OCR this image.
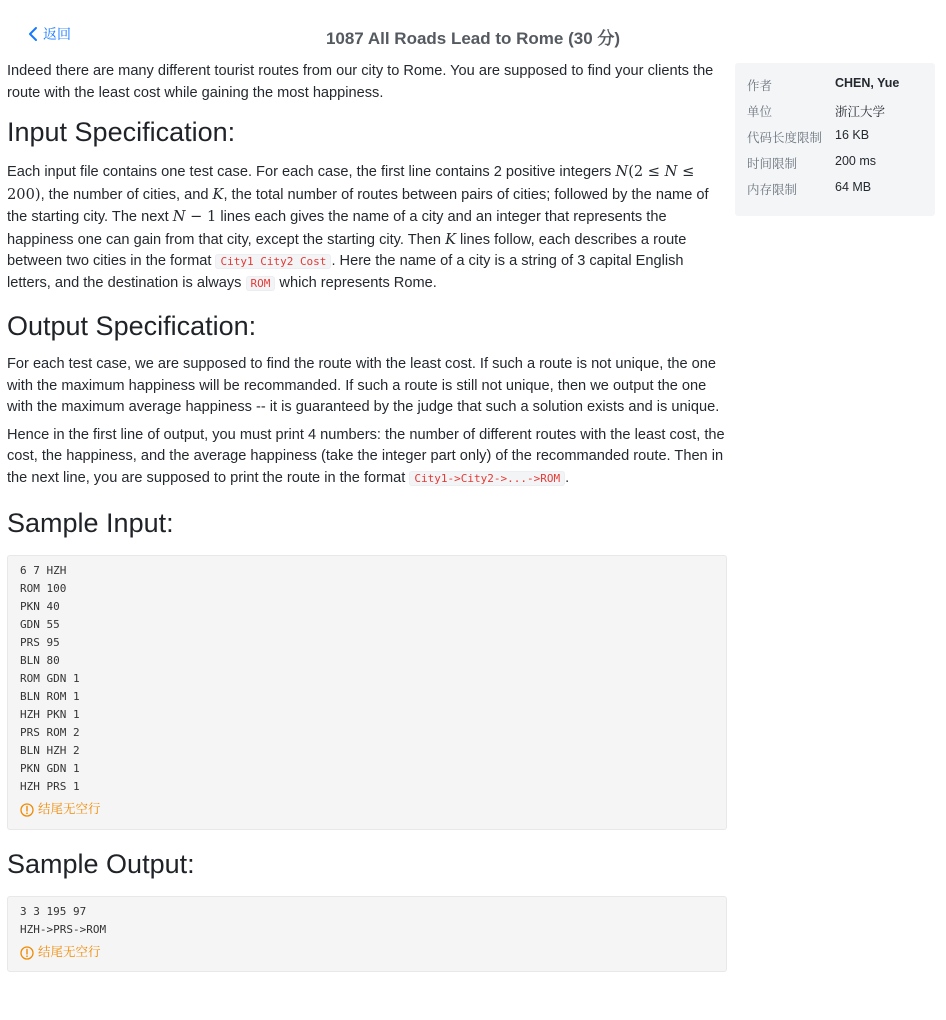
返回	1087 All Roads Lead to Rome (30 分)

Indeed there are many different tourist routes from our city to Rome. You are supposed to find your clients the route with the least cost while gaining the most happiness.

Input Specification:

Each input file contains one test case. For each case, the first line contains 2 positive integers N(2 ≤ N ≤ 200), the number of cities, and K, the total number of routes between pairs of cities; followed by the name of the starting city. The next N − 1 lines each gives the name of a city and an integer that represents the happiness one can gain from that city, except the starting city. Then K lines follow, each describes a route between two cities in the format City1 City2 Cost . Here the name of a city is a string of 3 capital English letters, and the destination is always ROM which represents Rome.

Output Specification:

For each test case, we are supposed to find the route with the least cost. If such a route is not unique, the one with the maximum happiness will be recommanded. If such a route is still not unique, then we output the one with the maximum average happiness -- it is guaranteed by the judge that such a solution exists and is unique.

Hence in the first line of output, you must print 4 numbers: the number of different routes with the least cost, the cost, the happiness, and the average happiness (take the integer part only) of the recommanded route. Then in the next line, you are supposed to print the route in the format City1->City2->...->ROM .

Sample Input:
6 7 HZH
ROM 100
PKN 40
GDN 55
PRS 95
BLN 80
ROM GDN 1
BLN ROM 1
HZH PKN 1
PRS ROM 2
BLN HZH 2
PKN GDN 1
HZH PRS 1
结尾无空行
Sample Output:
3 3 195 97
HZH->PRS->ROM
结尾无空行
作者	CHEN, Yue
单位	浙江大学
代码长度限制	16 KB
时间限制	200 ms
内存限制	64 MB
